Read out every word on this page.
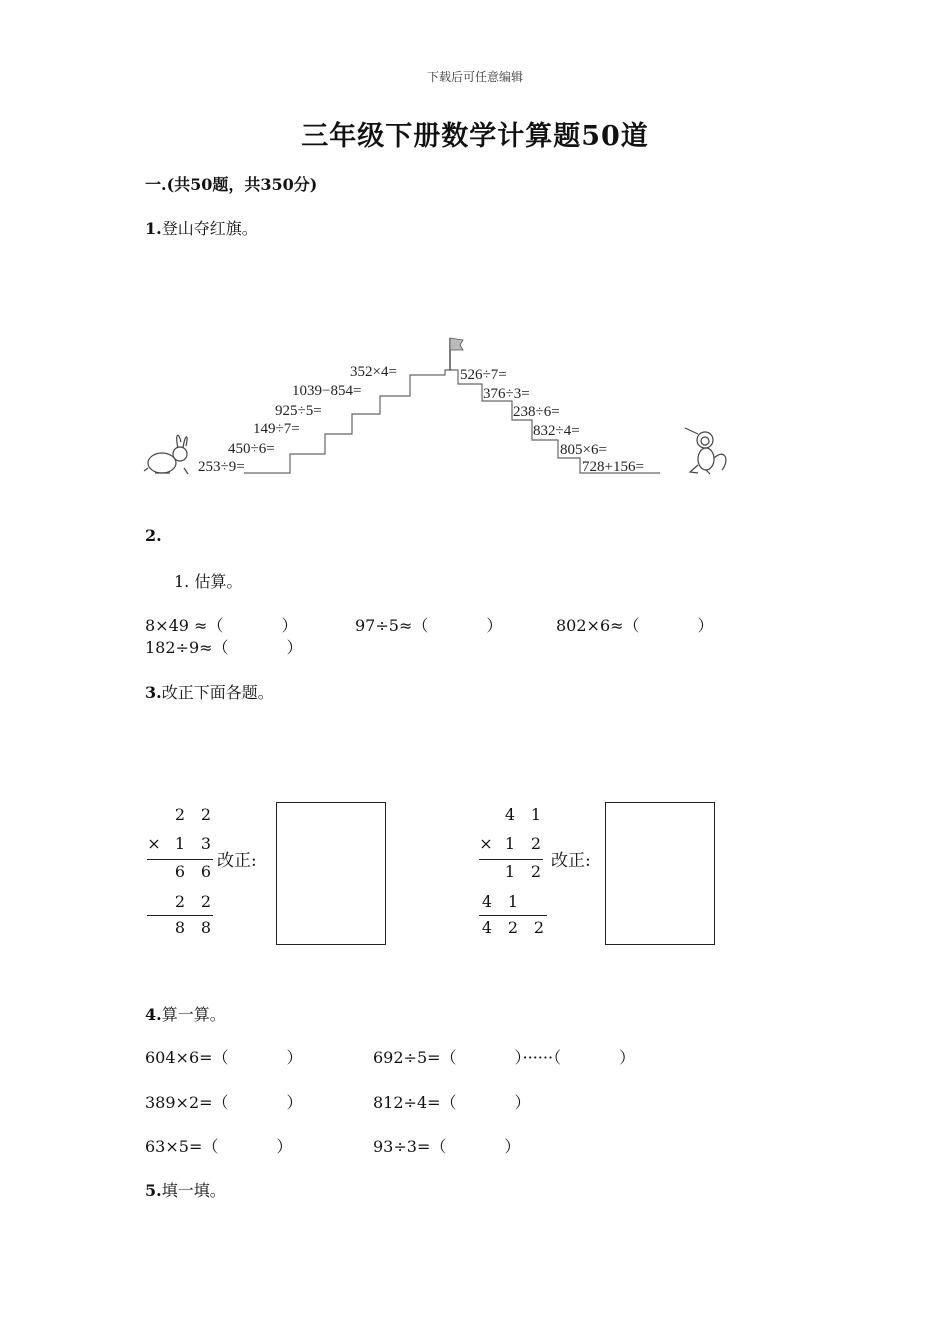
下载后可任意编辑
三年级下册数学计算题50道
一.(共50题，共350分)
1.登山夺红旗。
253÷9=
450÷6=
149÷7=
925÷5=
1039−854=
352×4=	526÷7=
376÷3=
238÷6=
832÷4=
805×6=
728+156=
2.
1. 估算。
8×49 ≈（	）	97÷5≈（	）	802×6≈（	）
182÷9≈（	）
3.改正下面各题。
2 2
× 1 3
6 6
2 2
8 8
改正:
4 1
× 1 2
1 2
4 1
4 2 2
改正:
4.算一算。
604×6=（	）	692÷5=（	）······（	）
389×2=（	）	812÷4=（	）
63×5=（	）	93÷3=（	）
5.填一填。
